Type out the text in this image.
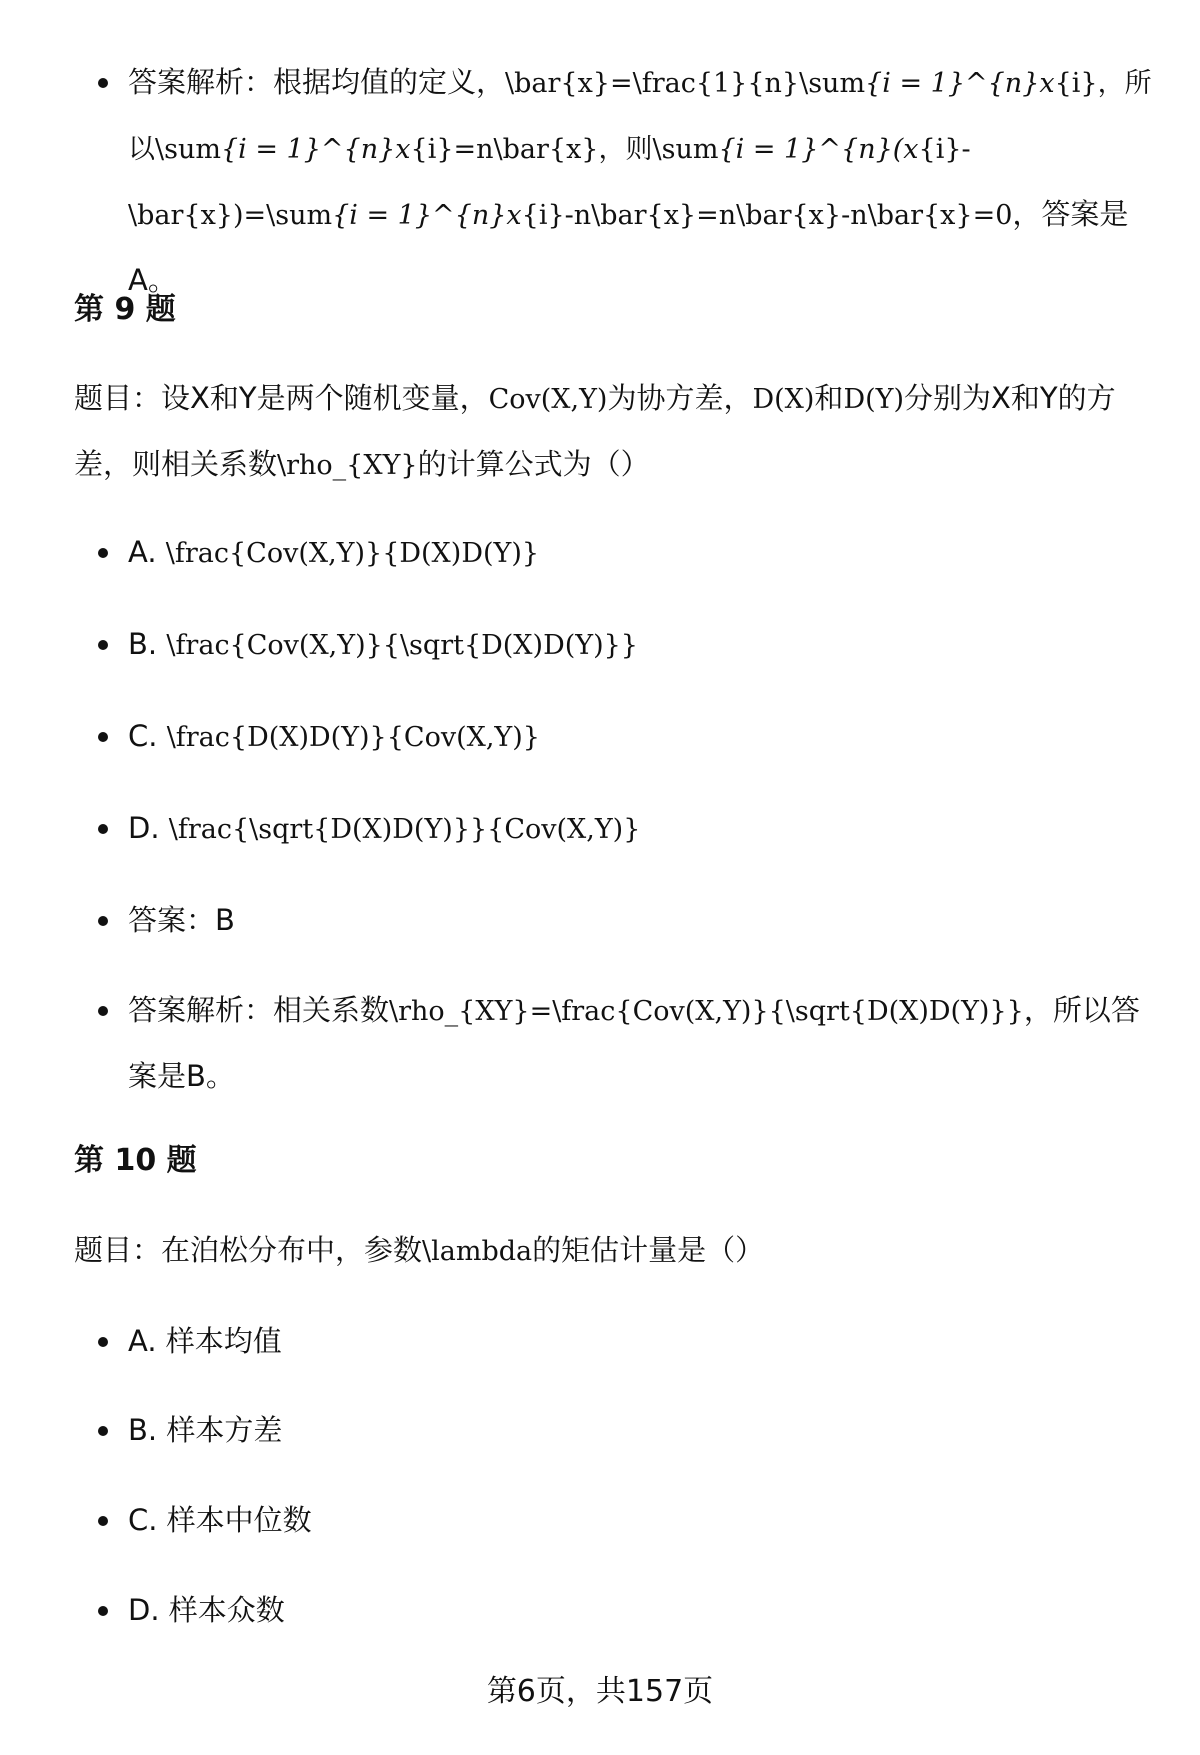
答案解析：根据均值的定义，\bar{x}=\frac{1}{n}\sum{i = 1}^{n}x{i}，所以\sum{i = 1}^{n}x{i}=n\bar{x}，则\sum{i = 1}^{n}(x{i}-\bar{x})=\sum{i = 1}^{n}x{i}-n\bar{x}=n\bar{x}-n\bar{x}=0，答案是A。

第 9 题

题目：设X和Y是两个随机变量，Cov(X,Y)为协方差，D(X)和D(Y)分别为X和Y的方差，则相关系数\rho_{XY}的计算公式为（）

A. \frac{Cov(X,Y)}{D(X)D(Y)}

B. \frac{Cov(X,Y)}{\sqrt{D(X)D(Y)}}

C. \frac{D(X)D(Y)}{Cov(X,Y)}

D. \frac{\sqrt{D(X)D(Y)}}{Cov(X,Y)}

答案：B

答案解析：相关系数\rho_{XY}=\frac{Cov(X,Y)}{\sqrt{D(X)D(Y)}}，所以答案是B。

第 10 题

题目：在泊松分布中，参数\lambda的矩估计量是（）

A. 样本均值

B. 样本方差

C. 样本中位数

D. 样本众数

第6页，共157页
